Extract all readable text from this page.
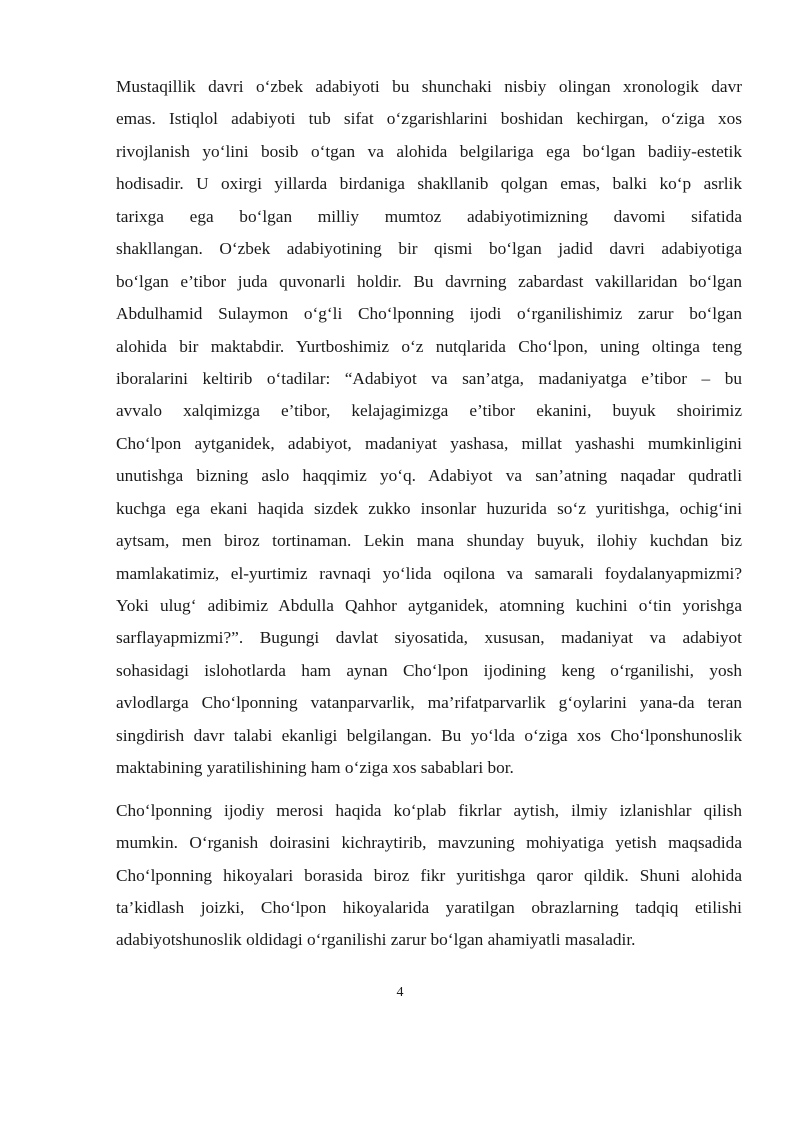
Mustaqillik davri o‘zbek adabiyoti bu shunchaki nisbiy olingan xronologik davr
emas. Istiqlol adabiyoti tub sifat o‘zgarishlarini boshidan kechirgan, o‘ziga xos
rivojlanish yo‘lini bosib o‘tgan va alohida belgilariga ega bo‘lgan badiiy-estetik
hodisadir. U oxirgi yillarda birdaniga shakllanib qolgan emas, balki ko‘p asrlik
tarixga ega bo‘lgan milliy mumtoz adabiyotimizning davomi sifatida
shakllangan. O‘zbek adabiyotining bir qismi bo‘lgan jadid davri adabiyotiga
bo‘lgan e’tibor juda quvonarli holdir. Bu davrning zabardast vakillaridan bo‘lgan
Abdulhamid Sulaymon o‘g‘li Cho‘lponning ijodi o‘rganilishimiz zarur bo‘lgan
alohida bir maktabdir. Yurtboshimiz o‘z nutqlarida Cho‘lpon, uning oltinga teng
iboralarini keltirib o‘tadilar: “Adabiyot va san’atga, madaniyatga e’tibor – bu
avvalo xalqimizga e’tibor, kelajagimizga e’tibor ekanini, buyuk shoirimiz
Cho‘lpon aytganidek, adabiyot, madaniyat yashasa, millat yashashi mumkinligini
unutishga bizning aslo haqqimiz yo‘q. Adabiyot va san’atning naqadar qudratli
kuchga ega ekani haqida sizdek zukko insonlar huzurida so‘z yuritishga, ochig‘ini
aytsam, men biroz tortinaman. Lekin mana shunday buyuk, ilohiy kuchdan biz
mamlakatimiz, el-yurtimiz ravnaqi yo‘lida oqilona va samarali foydalanyapmizmi?
Yoki ulug‘ adibimiz Abdulla Qahhor aytganidek, atomning kuchini o‘tin yorishga
sarflayapmizmi?”. Bugungi davlat siyosatida, xususan, madaniyat va adabiyot
sohasidagi islohotlarda ham aynan Cho‘lpon ijodining keng o‘rganilishi, yosh
avlodlarga Cho‘lponning vatanparvarlik, ma’rifatparvarlik g‘oylarini yana-da teran
singdirish davr talabi ekanligi belgilangan. Bu yo‘lda o‘ziga xos Cho‘lponshunoslik
maktabining yaratilishining ham o‘ziga xos sabablari bor.
Cho‘lponning ijodiy merosi haqida ko‘plab fikrlar aytish, ilmiy izlanishlar qilish
mumkin. O‘rganish doirasini kichraytirib, mavzuning mohiyatiga yetish maqsadida
Cho‘lponning hikoyalari borasida biroz fikr yuritishga qaror qildik. Shuni alohida
ta’kidlash joizki, Cho‘lpon hikoyalarida yaratilgan obrazlarning tadqiq etilishi
adabiyotshunoslik oldidagi o‘rganilishi zarur bo‘lgan ahamiyatli masaladir.
4
